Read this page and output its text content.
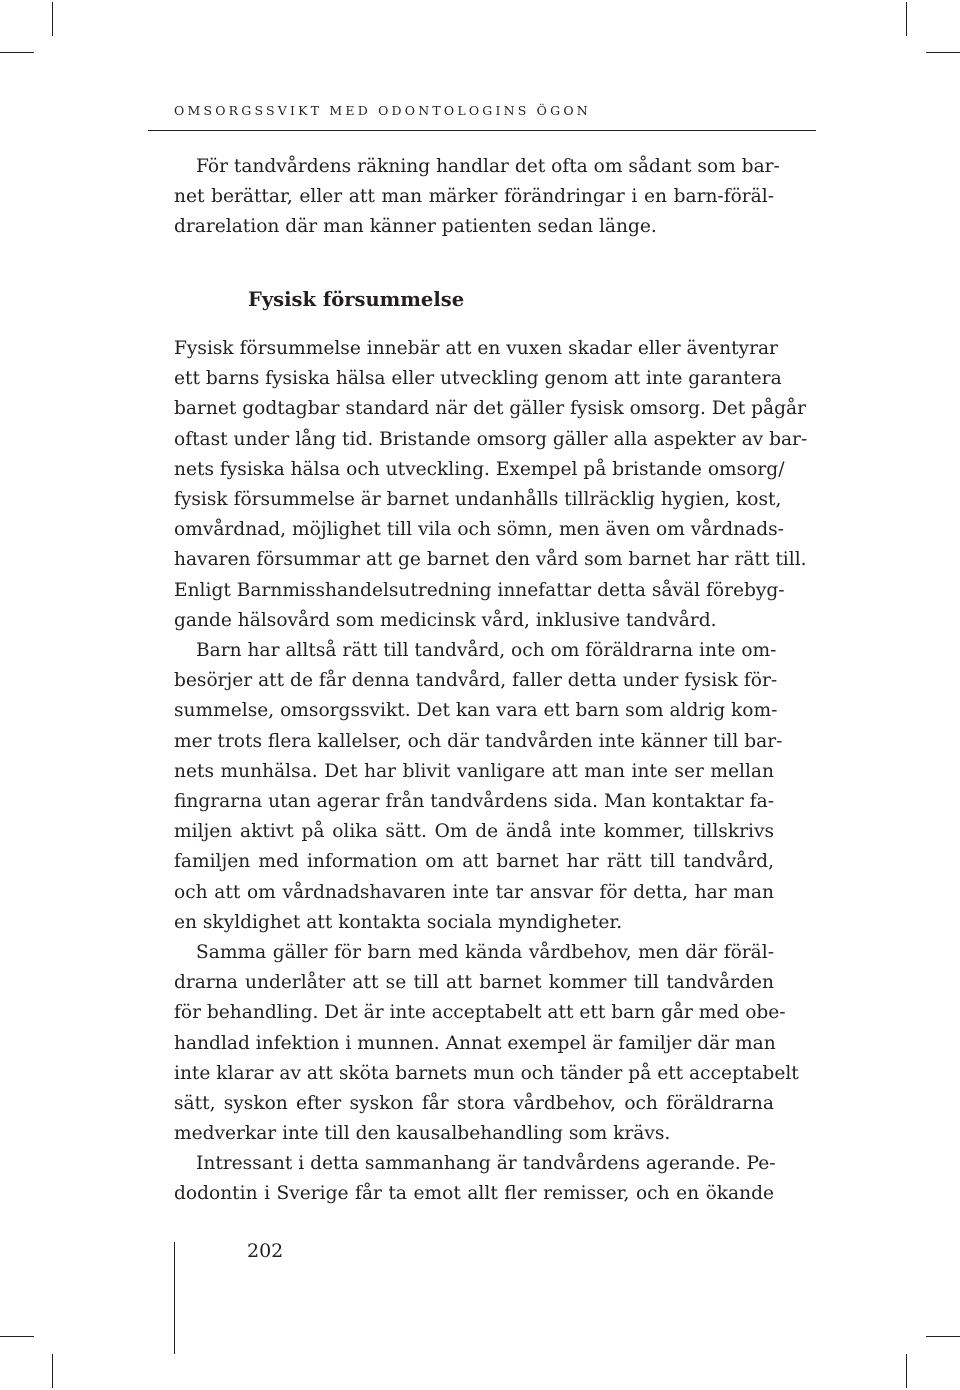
OMSORGSSVIKT MED ODONTOLOGINS ÖGON
För tandvårdens räkning handlar det ofta om sådant som bar-
net berättar, eller att man märker förändringar i en barn-föräl-
drarelation där man känner patienten sedan länge.
Fysisk försummelse
Fysisk försummelse innebär att en vuxen skadar eller äventyrar
ett barns fysiska hälsa eller utveckling genom att inte garantera
barnet godtagbar standard när det gäller fysisk omsorg. Det pågår
oftast under lång tid. Bristande omsorg gäller alla aspekter av bar-
nets fysiska hälsa och utveckling. Exempel på bristande omsorg/
fysisk försummelse är barnet undanhålls tillräcklig hygien, kost,
omvårdnad, möjlighet till vila och sömn, men även om vårdnads-
havaren försummar att ge barnet den vård som barnet har rätt till.
Enligt Barnmisshandelsutredning innefattar detta såväl förebyg-
gande hälsovård som medicinsk vård, inklusive tandvård.
Barn har alltså rätt till tandvård, och om föräldrarna inte om-
besörjer att de får denna tandvård, faller detta under fysisk för-
summelse, omsorgssvikt. Det kan vara ett barn som aldrig kom-
mer trots flera kallelser, och där tandvården inte känner till bar-
nets munhälsa. Det har blivit vanligare att man inte ser mellan
fingrarna utan agerar från tandvårdens sida. Man kontaktar fa-
miljen aktivt på olika sätt. Om de ändå inte kommer, tillskrivs
familjen med information om att barnet har rätt till tandvård,
och att om vårdnadshavaren inte tar ansvar för detta, har man
en skyldighet att kontakta sociala myndigheter.
Samma gäller för barn med kända vårdbehov, men där föräl-
drarna underlåter att se till att barnet kommer till tandvården
för behandling. Det är inte acceptabelt att ett barn går med obe-
handlad infektion i munnen. Annat exempel är familjer där man
inte klarar av att sköta barnets mun och tänder på ett acceptabelt
sätt, syskon efter syskon får stora vårdbehov, och föräldrarna
medverkar inte till den kausalbehandling som krävs.
Intressant i detta sammanhang är tandvårdens agerande. Pe-
dodontin i Sverige får ta emot allt fler remisser, och en ökande
202
